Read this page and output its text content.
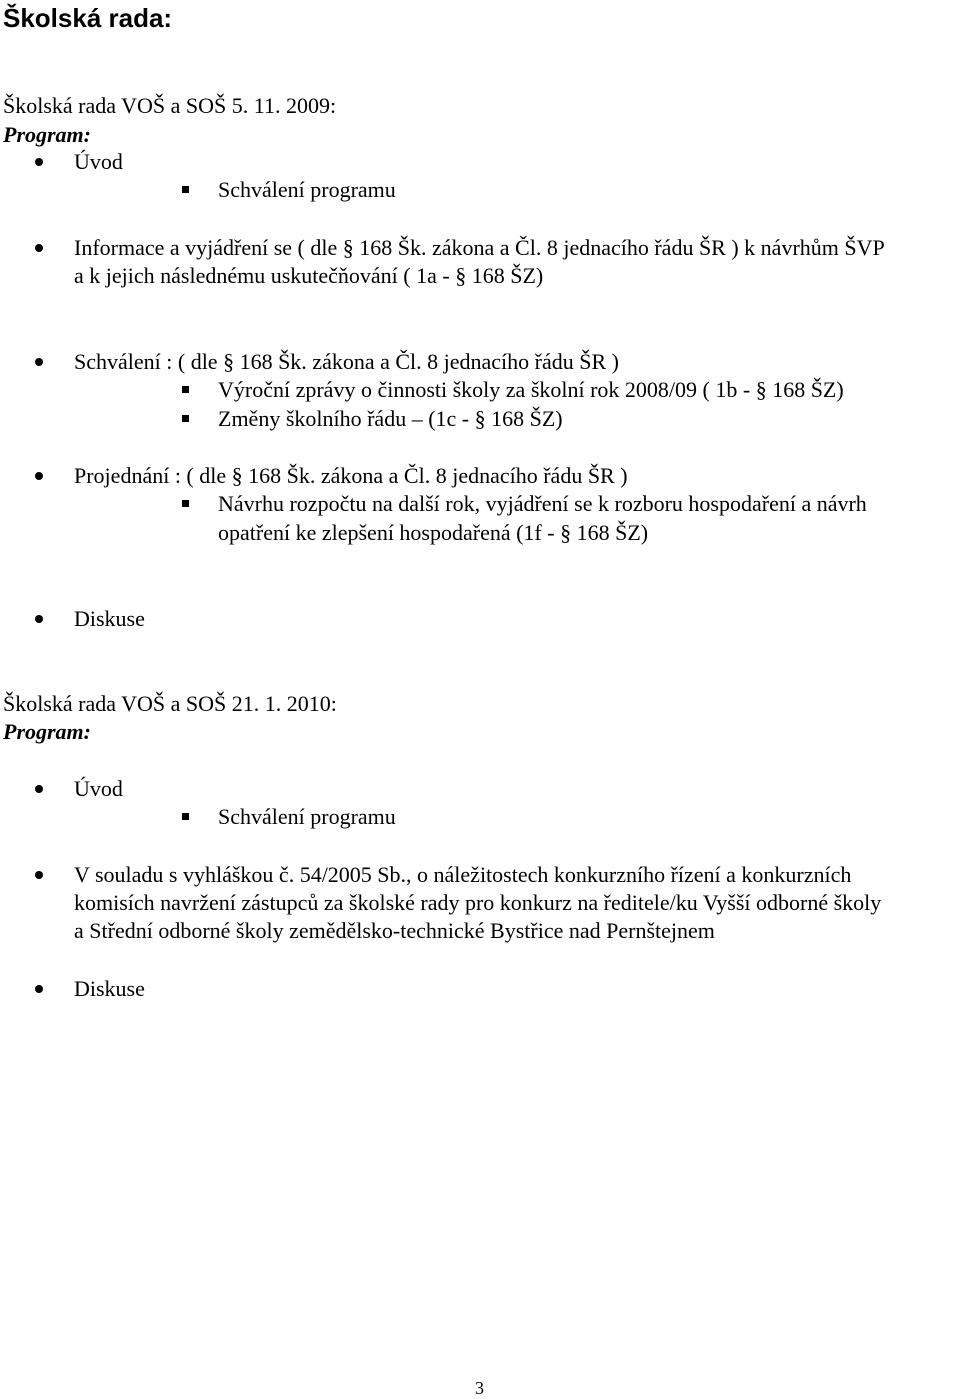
Školská rada:
Školská rada VOŠ a SOŠ 5. 11. 2009:
Program:
Úvod
Schválení programu
Informace a vyjádření se ( dle § 168 Šk. zákona a Čl. 8 jednacího řádu ŠR ) k návrhům ŠVP
a k jejich následnému uskutečňování ( 1a - § 168 ŠZ)
Schválení : ( dle § 168 Šk. zákona a Čl. 8 jednacího řádu ŠR )
Výroční zprávy o činnosti školy za školní rok 2008/09 ( 1b - § 168 ŠZ)
Změny školního řádu – (1c - § 168 ŠZ)
Projednání : ( dle § 168 Šk. zákona a Čl. 8 jednacího řádu ŠR )
Návrhu rozpočtu na další rok, vyjádření se k rozboru hospodaření a návrh
opatření ke zlepšení hospodařená (1f - § 168 ŠZ)
Diskuse
Školská rada VOŠ a SOŠ 21. 1. 2010:
Program:
Úvod
Schválení programu
V souladu s vyhláškou č. 54/2005 Sb., o náležitostech konkurzního řízení a konkurzních
komisích navržení zástupců za školské rady pro konkurz na ředitele/ku Vyšší odborné školy
a Střední odborné školy zemědělsko-technické Bystřice nad Pernštejnem
Diskuse
3
